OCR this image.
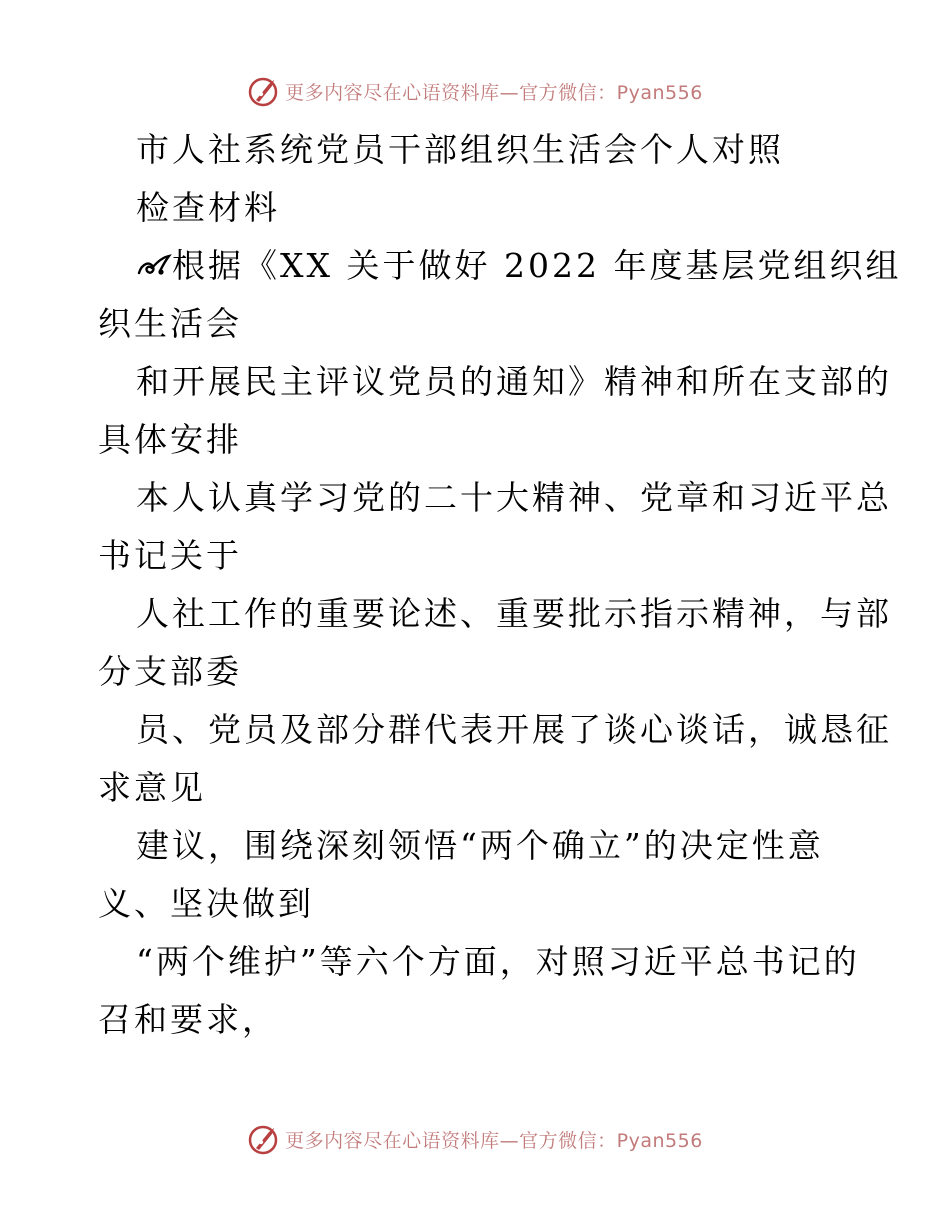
更多内容尽在心语资料库—官方微信：Pyan556
市人社系统党员干部组织生活会个人对照
检查材料
根据《XX 关于做好 2022 年度基层党组织组
织生活会
和开展民主评议党员的通知》精神和所在支部的
具体安排
本人认真学习党的二十大精神、党章和习近平总
书记关于
人社工作的重要论述、重要批示指示精神，与部
分支部委
员、党员及部分群代表开展了谈心谈话，诚恳征
求意见
建议，围绕深刻领悟“两个确立”的决定性意
义、坚决做到
“两个维护”等六个方面，对照习近平总书记的
召和要求，
更多内容尽在心语资料库—官方微信：Pyan556
